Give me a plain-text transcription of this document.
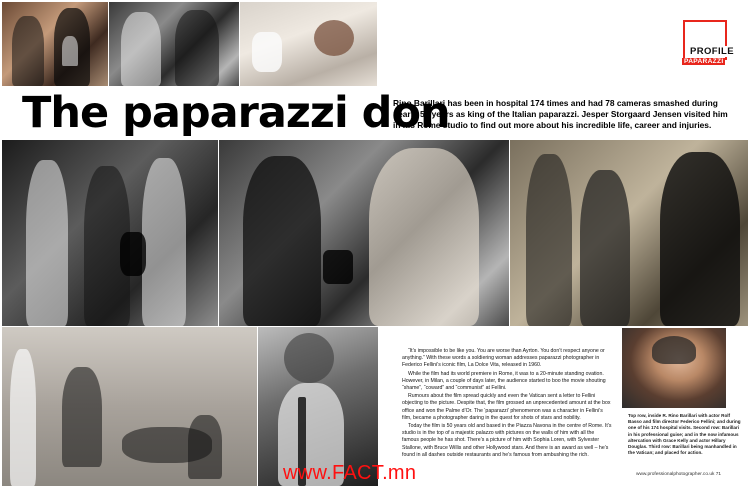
The paparazzi don
Rino Barillari has been in hospital 174 times and had 78 cameras smashed during nearly 50 years as king of the Italian paparazzi. Jesper Storgaard Jensen visited him in his Rome studio to find out more about his incredible life, career and injuries.
PROFILE
PAPARAZZI

“It’s impossible to be like you. You are worse than Ayrton. You don’t respect anyone or anything.” With these words a soldiering woman addresses paparazzi photographer in Federico Fellini’s iconic film, La Dolce Vita, released in 1960.

While the film had its world premiere in Rome, it was to a 20-minute standing ovation. However, in Milan, a couple of days later, the audience started to boo the movie shouting “shame”, “coward” and “communist” at Fellini.

Rumours about the film spread quickly and even the Vatican sent a letter to Fellini objecting to the picture. Despite that, the film grossed an unprecedented amount at the box office and won the Palme d’Or. The ‘paparazzi’ phenomenon was a character in Fellini’s film, became a photographer daring in the quest for shots of stars and nobility.

Today the film is 50 years old and based in the Piazza Navona in the centre of Rome. It’s studio is in the top of a majestic palazzo with pictures on the walls of him with all the famous people he has shot. There’s a picture of him with Sophia Loren, with Sylvester Stallone, with Bruce Willis and other Hollywood stars. And there is an award as well – he’s found in all dashes outside restaurants and he’s famous from ambushing the rich.

Top row, inside R. Rino Barillari with actor Rolf Basso and film director Federico Fellini; and during one of his 174 hospital visits. Second row: Barillari in his professional guise; and in the now infamous altercation with Grace Kelly and actor Hillary Douglas. Third row: Barillari being manhandled in the Vatican; and placed for action.
www.professionalphotographer.co.uk 71
www.FACT.mn
